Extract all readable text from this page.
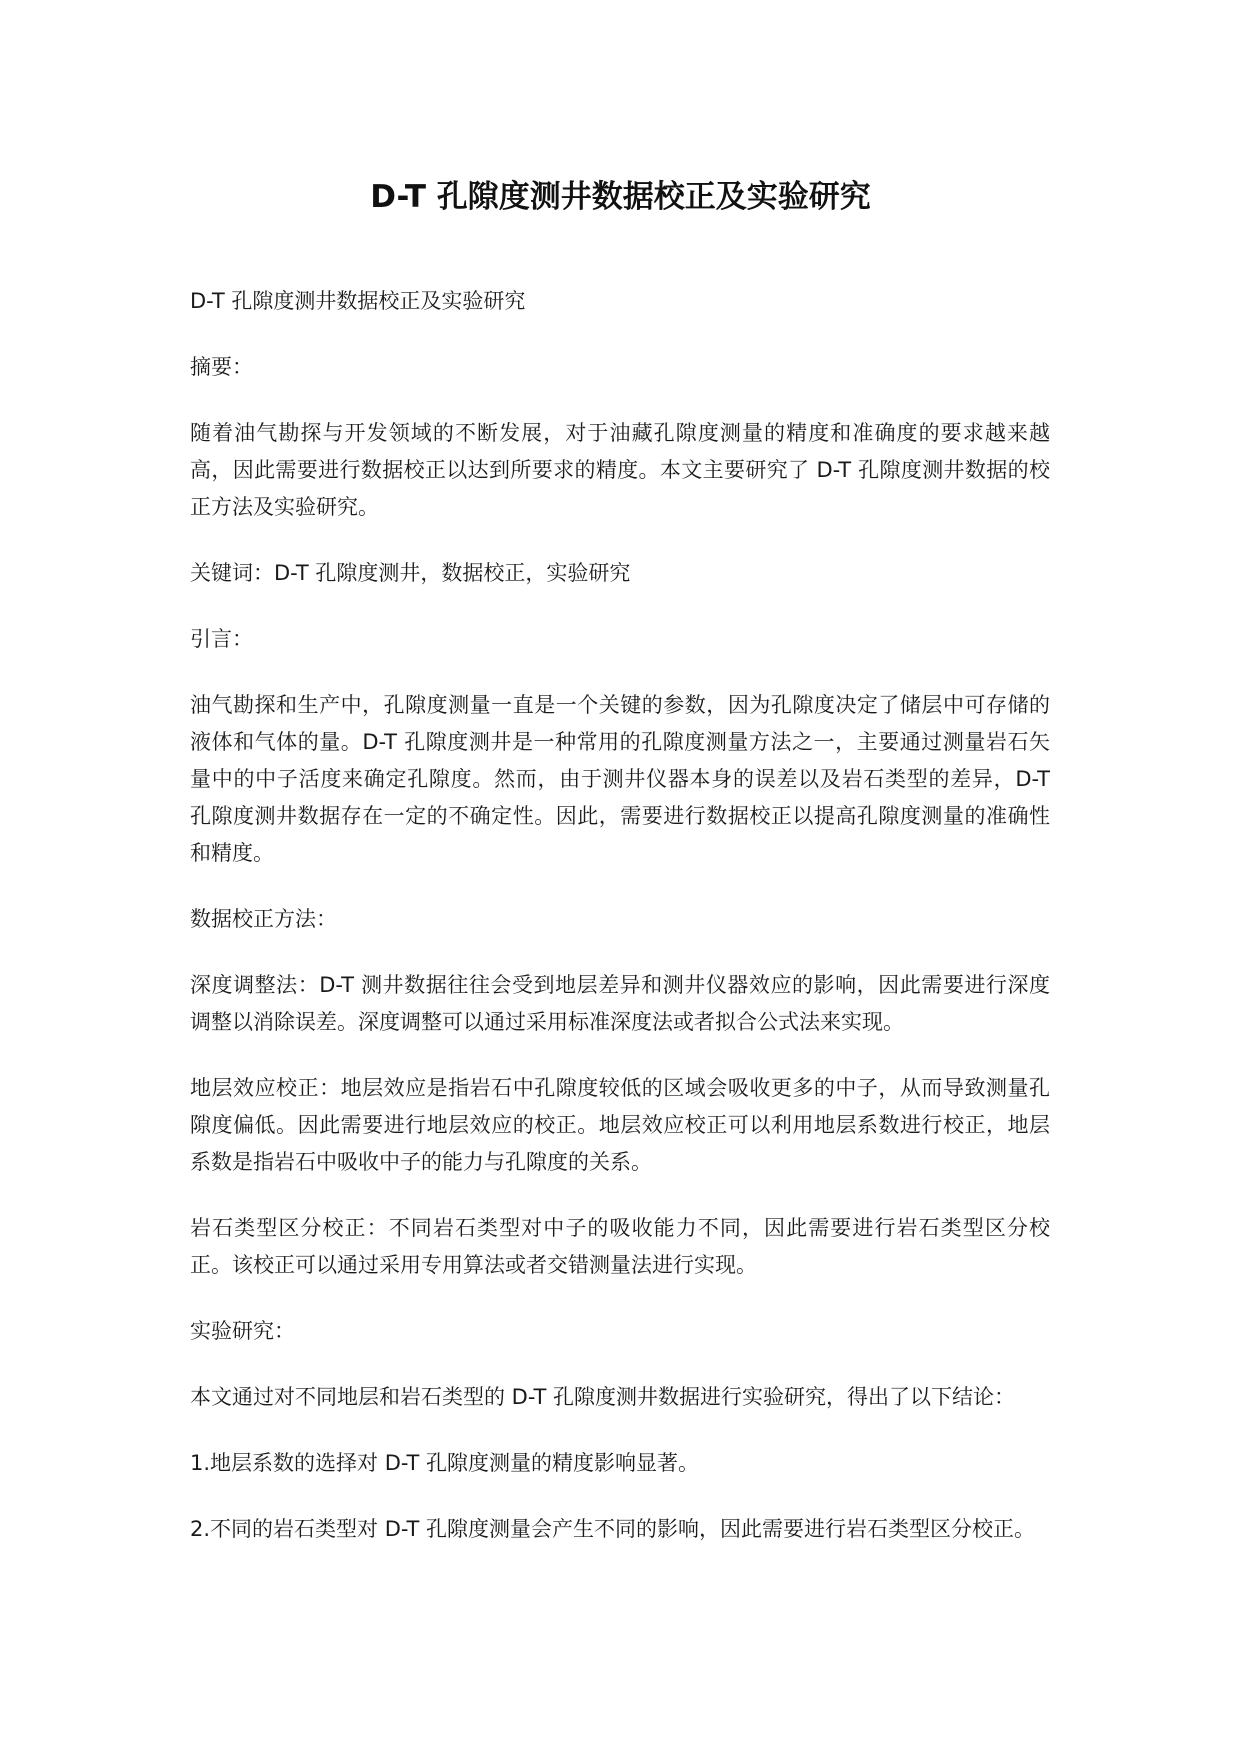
D-T 孔隙度测井数据校正及实验研究

D-T 孔隙度测井数据校正及实验研究

摘要：

随着油气勘探与开发领域的不断发展，对于油藏孔隙度测量的精度和准确度的要求越来越高，因此需要进行数据校正以达到所要求的精度。本文主要研究了 D-T 孔隙度测井数据的校正方法及实验研究。

关键词：D-T 孔隙度测井，数据校正，实验研究

引言：

油气勘探和生产中，孔隙度测量一直是一个关键的参数，因为孔隙度决定了储层中可存储的液体和气体的量。D-T 孔隙度测井是一种常用的孔隙度测量方法之一，主要通过测量岩石矢量中的中子活度来确定孔隙度。然而，由于测井仪器本身的误差以及岩石类型的差异，D-T 孔隙度测井数据存在一定的不确定性。因此，需要进行数据校正以提高孔隙度测量的准确性和精度。

数据校正方法：

深度调整法：D-T 测井数据往往会受到地层差异和测井仪器效应的影响，因此需要进行深度调整以消除误差。深度调整可以通过采用标准深度法或者拟合公式法来实现。

地层效应校正：地层效应是指岩石中孔隙度较低的区域会吸收更多的中子，从而导致测量孔隙度偏低。因此需要进行地层效应的校正。地层效应校正可以利用地层系数进行校正，地层系数是指岩石中吸收中子的能力与孔隙度的关系。

岩石类型区分校正：不同岩石类型对中子的吸收能力不同，因此需要进行岩石类型区分校正。该校正可以通过采用专用算法或者交错测量法进行实现。

实验研究：

本文通过对不同地层和岩石类型的 D-T 孔隙度测井数据进行实验研究，得出了以下结论：

1.地层系数的选择对 D-T 孔隙度测量的精度影响显著。

2.不同的岩石类型对 D-T 孔隙度测量会产生不同的影响，因此需要进行岩石类型区分校正。
